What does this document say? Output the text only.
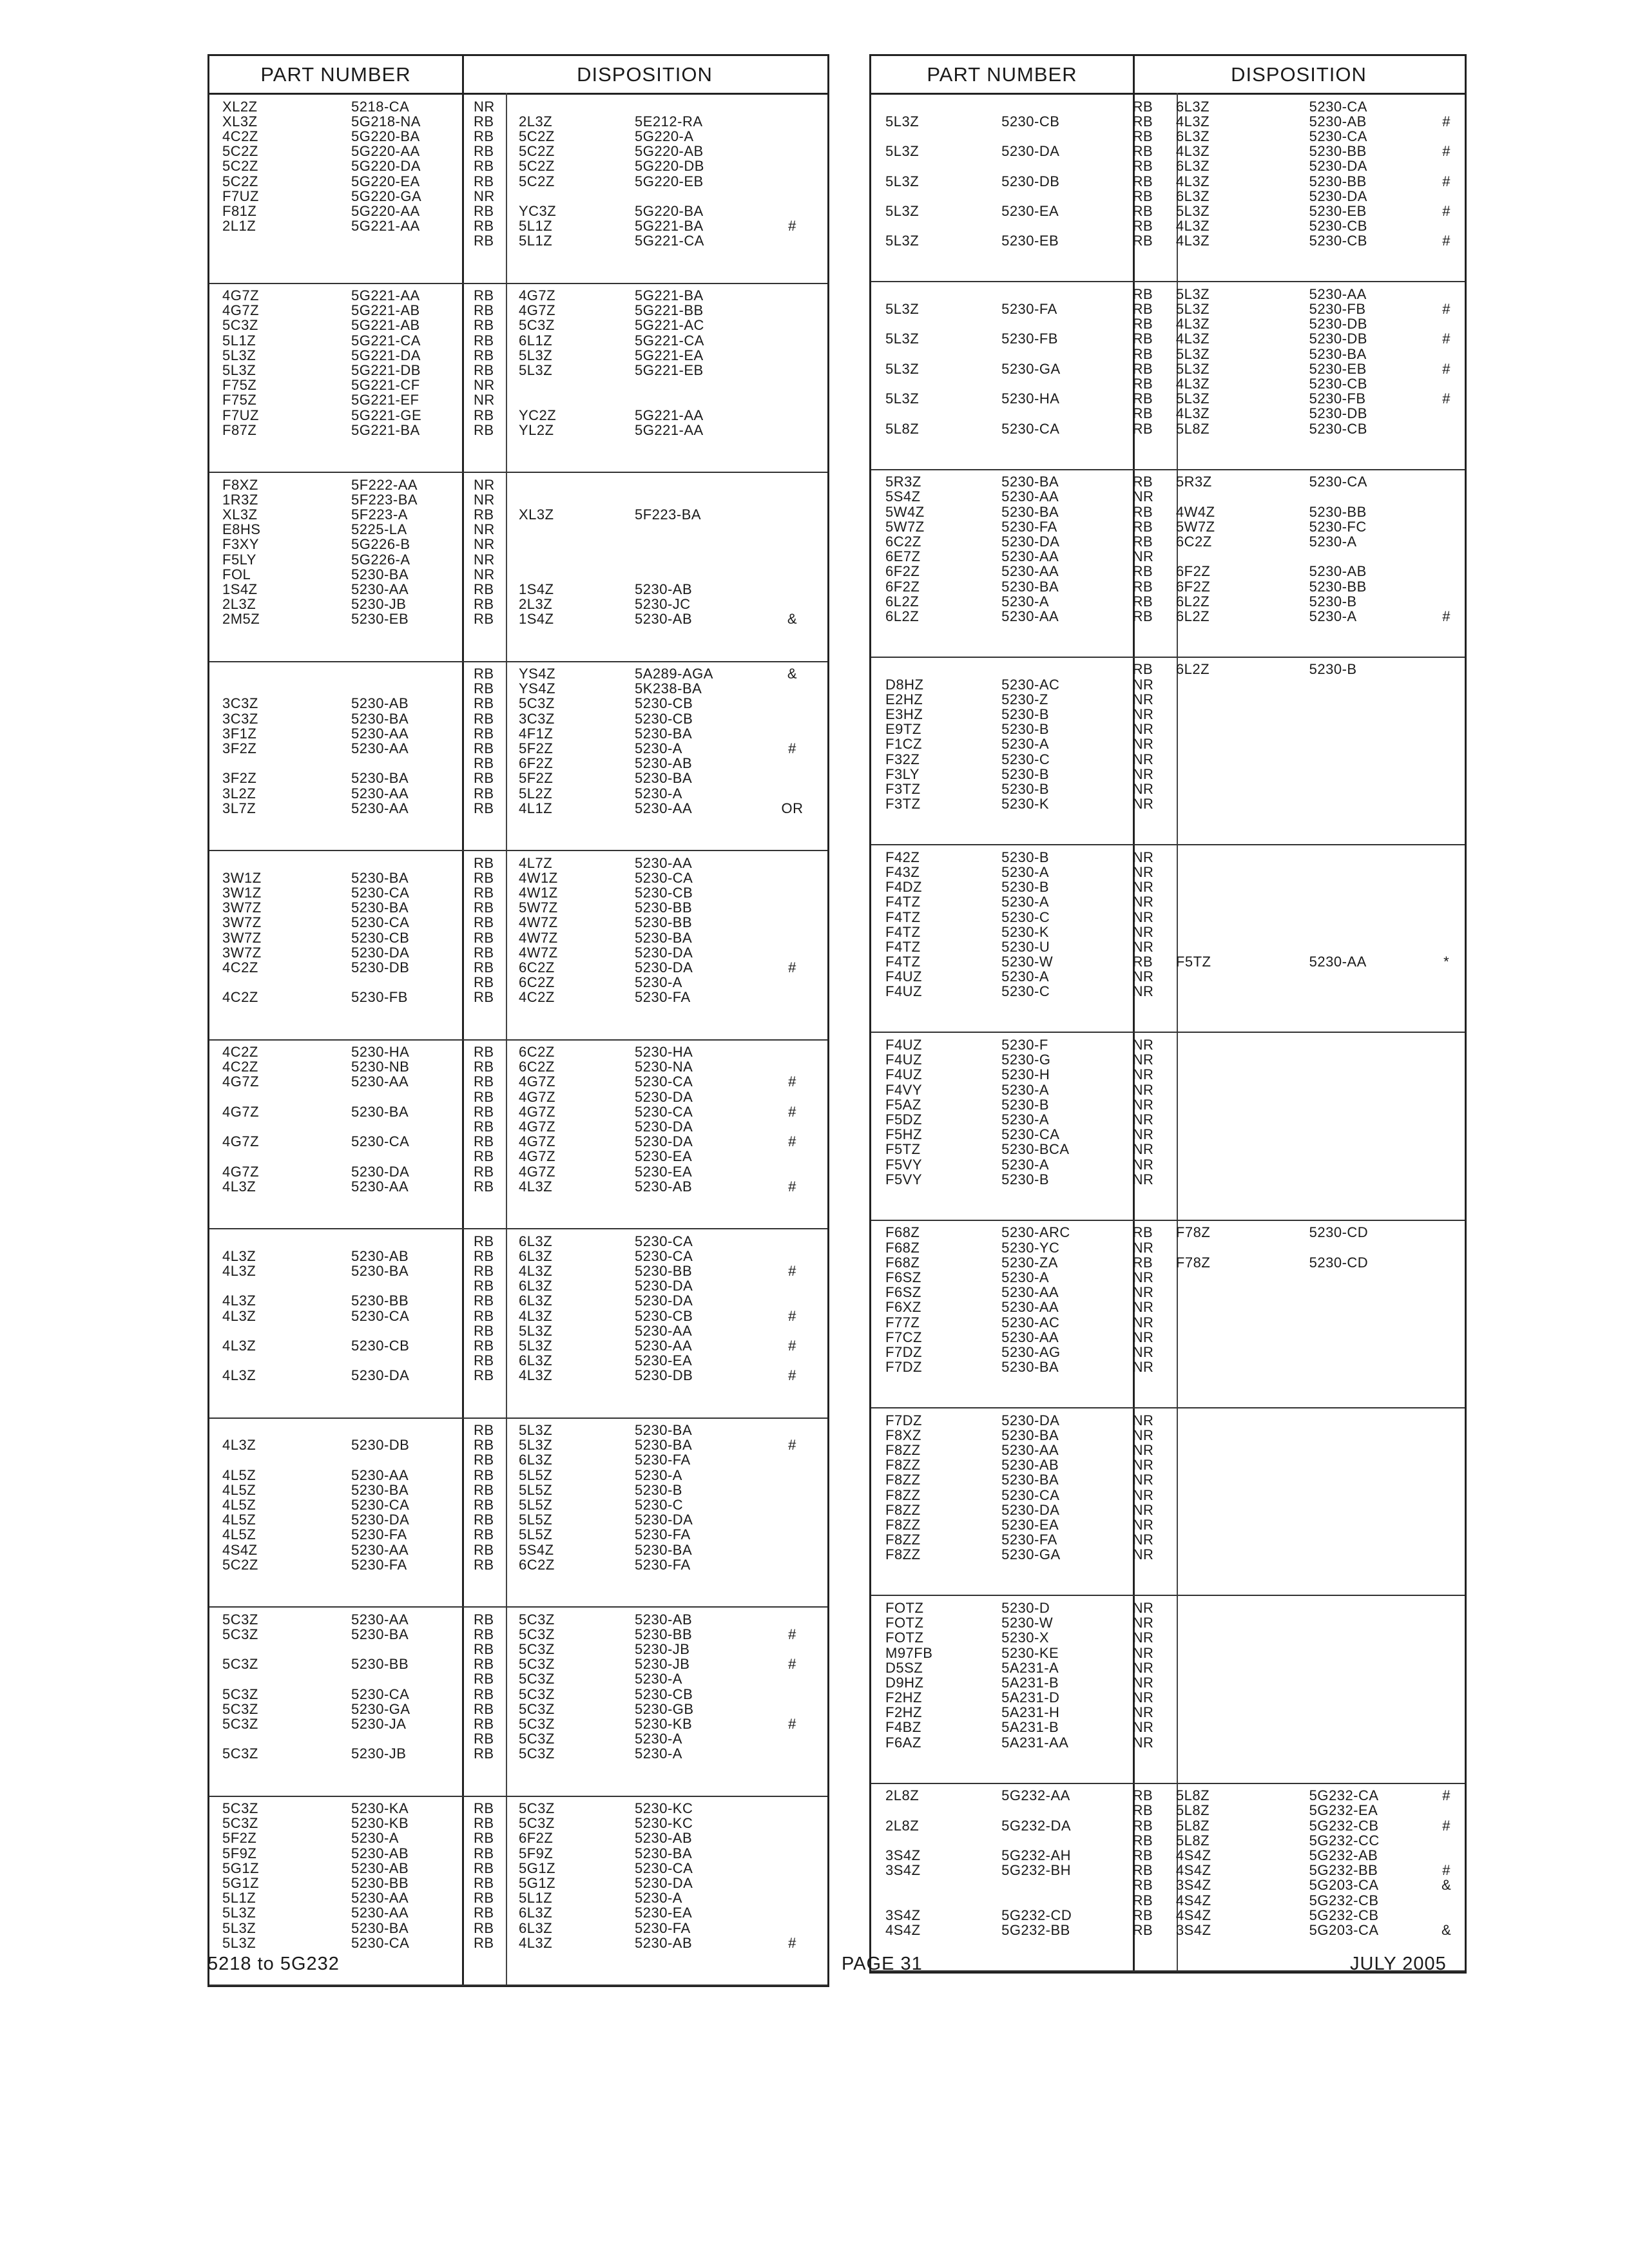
PART NUMBER	DISPOSITION
XL2Z	5218-CA	NR
XL3Z	5G218-NA	RB	2L3Z	5E212-RA
4C2Z	5G220-BA	RB	5C2Z	5G220-A
5C2Z	5G220-AA	RB	5C2Z	5G220-AB
5C2Z	5G220-DA	RB	5C2Z	5G220-DB
5C2Z	5G220-EA	RB	5C2Z	5G220-EB
F7UZ	5G220-GA	NR
F81Z	5G220-AA	RB	YC3Z	5G220-BA
2L1Z	5G221-AA	RB	5L1Z	5G221-BA	#
RB	5L1Z	5G221-CA
4G7Z	5G221-AA	RB	4G7Z	5G221-BA
4G7Z	5G221-AB	RB	4G7Z	5G221-BB
5C3Z	5G221-AB	RB	5C3Z	5G221-AC
5L1Z	5G221-CA	RB	6L1Z	5G221-CA
5L3Z	5G221-DA	RB	5L3Z	5G221-EA
5L3Z	5G221-DB	RB	5L3Z	5G221-EB
F75Z	5G221-CF	NR
F75Z	5G221-EF	NR
F7UZ	5G221-GE	RB	YC2Z	5G221-AA
F87Z	5G221-BA	RB	YL2Z	5G221-AA
F8XZ	5F222-AA	NR
1R3Z	5F223-BA	NR
XL3Z	5F223-A	RB	XL3Z	5F223-BA
E8HS	5225-LA	NR
F3XY	5G226-B	NR
F5LY	5G226-A	NR
FOL	5230-BA	NR
1S4Z	5230-AA	RB	1S4Z	5230-AB
2L3Z	5230-JB	RB	2L3Z	5230-JC
2M5Z	5230-EB	RB	1S4Z	5230-AB	&
RB	YS4Z	5A289-AGA	&
RB	YS4Z	5K238-BA
3C3Z	5230-AB	RB	5C3Z	5230-CB
3C3Z	5230-BA	RB	3C3Z	5230-CB
3F1Z	5230-AA	RB	4F1Z	5230-BA
3F2Z	5230-AA	RB	5F2Z	5230-A	#
RB	6F2Z	5230-AB
3F2Z	5230-BA	RB	5F2Z	5230-BA
3L2Z	5230-AA	RB	5L2Z	5230-A
3L7Z	5230-AA	RB	4L1Z	5230-AA	OR
RB	4L7Z	5230-AA
3W1Z	5230-BA	RB	4W1Z	5230-CA
3W1Z	5230-CA	RB	4W1Z	5230-CB
3W7Z	5230-BA	RB	5W7Z	5230-BB
3W7Z	5230-CA	RB	4W7Z	5230-BB
3W7Z	5230-CB	RB	4W7Z	5230-BA
3W7Z	5230-DA	RB	4W7Z	5230-DA
4C2Z	5230-DB	RB	6C2Z	5230-DA	#
RB	6C2Z	5230-A
4C2Z	5230-FB	RB	4C2Z	5230-FA
4C2Z	5230-HA	RB	6C2Z	5230-HA
4C2Z	5230-NB	RB	6C2Z	5230-NA
4G7Z	5230-AA	RB	4G7Z	5230-CA	#
RB	4G7Z	5230-DA
4G7Z	5230-BA	RB	4G7Z	5230-CA	#
RB	4G7Z	5230-DA
4G7Z	5230-CA	RB	4G7Z	5230-DA	#
RB	4G7Z	5230-EA
4G7Z	5230-DA	RB	4G7Z	5230-EA
4L3Z	5230-AA	RB	4L3Z	5230-AB	#
RB	6L3Z	5230-CA
4L3Z	5230-AB	RB	6L3Z	5230-CA
4L3Z	5230-BA	RB	4L3Z	5230-BB	#
RB	6L3Z	5230-DA
4L3Z	5230-BB	RB	6L3Z	5230-DA
4L3Z	5230-CA	RB	4L3Z	5230-CB	#
RB	5L3Z	5230-AA
4L3Z	5230-CB	RB	5L3Z	5230-AA	#
RB	6L3Z	5230-EA
4L3Z	5230-DA	RB	4L3Z	5230-DB	#
RB	5L3Z	5230-BA
4L3Z	5230-DB	RB	5L3Z	5230-BA	#
RB	6L3Z	5230-FA
4L5Z	5230-AA	RB	5L5Z	5230-A
4L5Z	5230-BA	RB	5L5Z	5230-B
4L5Z	5230-CA	RB	5L5Z	5230-C
4L5Z	5230-DA	RB	5L5Z	5230-DA
4L5Z	5230-FA	RB	5L5Z	5230-FA
4S4Z	5230-AA	RB	5S4Z	5230-BA
5C2Z	5230-FA	RB	6C2Z	5230-FA
5C3Z	5230-AA	RB	5C3Z	5230-AB
5C3Z	5230-BA	RB	5C3Z	5230-BB	#
RB	5C3Z	5230-JB
5C3Z	5230-BB	RB	5C3Z	5230-JB	#
RB	5C3Z	5230-A
5C3Z	5230-CA	RB	5C3Z	5230-CB
5C3Z	5230-GA	RB	5C3Z	5230-GB
5C3Z	5230-JA	RB	5C3Z	5230-KB	#
RB	5C3Z	5230-A
5C3Z	5230-JB	RB	5C3Z	5230-A
5C3Z	5230-KA	RB	5C3Z	5230-KC
5C3Z	5230-KB	RB	5C3Z	5230-KC
5F2Z	5230-A	RB	6F2Z	5230-AB
5F9Z	5230-AB	RB	5F9Z	5230-BA
5G1Z	5230-AB	RB	5G1Z	5230-CA
5G1Z	5230-BB	RB	5G1Z	5230-DA
5L1Z	5230-AA	RB	5L1Z	5230-A
5L3Z	5230-AA	RB	6L3Z	5230-EA
5L3Z	5230-BA	RB	6L3Z	5230-FA
5L3Z	5230-CA	RB	4L3Z	5230-AB	#
PART NUMBER	DISPOSITION
RB	6L3Z	5230-CA
5L3Z	5230-CB	RB	4L3Z	5230-AB	#
RB	6L3Z	5230-CA
5L3Z	5230-DA	RB	4L3Z	5230-BB	#
RB	6L3Z	5230-DA
5L3Z	5230-DB	RB	4L3Z	5230-BB	#
RB	6L3Z	5230-DA
5L3Z	5230-EA	RB	5L3Z	5230-EB	#
RB	4L3Z	5230-CB
5L3Z	5230-EB	RB	4L3Z	5230-CB	#
RB	5L3Z	5230-AA
5L3Z	5230-FA	RB	5L3Z	5230-FB	#
RB	4L3Z	5230-DB
5L3Z	5230-FB	RB	4L3Z	5230-DB	#
RB	5L3Z	5230-BA
5L3Z	5230-GA	RB	5L3Z	5230-EB	#
RB	4L3Z	5230-CB
5L3Z	5230-HA	RB	5L3Z	5230-FB	#
RB	4L3Z	5230-DB
5L8Z	5230-CA	RB	5L8Z	5230-CB
5R3Z	5230-BA	RB	5R3Z	5230-CA
5S4Z	5230-AA	NR
5W4Z	5230-BA	RB	4W4Z	5230-BB
5W7Z	5230-FA	RB	5W7Z	5230-FC
6C2Z	5230-DA	RB	6C2Z	5230-A
6E7Z	5230-AA	NR
6F2Z	5230-AA	RB	6F2Z	5230-AB
6F2Z	5230-BA	RB	6F2Z	5230-BB
6L2Z	5230-A	RB	6L2Z	5230-B
6L2Z	5230-AA	RB	6L2Z	5230-A	#
RB	6L2Z	5230-B
D8HZ	5230-AC	NR
E2HZ	5230-Z	NR
E3HZ	5230-B	NR
E9TZ	5230-B	NR
F1CZ	5230-A	NR
F32Z	5230-C	NR
F3LY	5230-B	NR
F3TZ	5230-B	NR
F3TZ	5230-K	NR
F42Z	5230-B	NR
F43Z	5230-A	NR
F4DZ	5230-B	NR
F4TZ	5230-A	NR
F4TZ	5230-C	NR
F4TZ	5230-K	NR
F4TZ	5230-U	NR
F4TZ	5230-W	RB	F5TZ	5230-AA	*
F4UZ	5230-A	NR
F4UZ	5230-C	NR
F4UZ	5230-F	NR
F4UZ	5230-G	NR
F4UZ	5230-H	NR
F4VY	5230-A	NR
F5AZ	5230-B	NR
F5DZ	5230-A	NR
F5HZ	5230-CA	NR
F5TZ	5230-BCA	NR
F5VY	5230-A	NR
F5VY	5230-B	NR
F68Z	5230-ARC	RB	F78Z	5230-CD
F68Z	5230-YC	NR
F68Z	5230-ZA	RB	F78Z	5230-CD
F6SZ	5230-A	NR
F6SZ	5230-AA	NR
F6XZ	5230-AA	NR
F77Z	5230-AC	NR
F7CZ	5230-AA	NR
F7DZ	5230-AG	NR
F7DZ	5230-BA	NR
F7DZ	5230-DA	NR
F8XZ	5230-BA	NR
F8ZZ	5230-AA	NR
F8ZZ	5230-AB	NR
F8ZZ	5230-BA	NR
F8ZZ	5230-CA	NR
F8ZZ	5230-DA	NR
F8ZZ	5230-EA	NR
F8ZZ	5230-FA	NR
F8ZZ	5230-GA	NR
FOTZ	5230-D	NR
FOTZ	5230-W	NR
FOTZ	5230-X	NR
M97FB	5230-KE	NR
D5SZ	5A231-A	NR
D9HZ	5A231-B	NR
F2HZ	5A231-D	NR
F2HZ	5A231-H	NR
F4BZ	5A231-B	NR
F6AZ	5A231-AA	NR
2L8Z	5G232-AA	RB	5L8Z	5G232-CA	#
RB	5L8Z	5G232-EA
2L8Z	5G232-DA	RB	5L8Z	5G232-CB	#
RB	5L8Z	5G232-CC
3S4Z	5G232-AH	RB	4S4Z	5G232-AB
3S4Z	5G232-BH	RB	4S4Z	5G232-BB	#
RB	3S4Z	5G203-CA	&
RB	4S4Z	5G232-CB
3S4Z	5G232-CD	RB	4S4Z	5G232-CB
4S4Z	5G232-BB	RB	3S4Z	5G203-CA	&
5218 to 5G232	PAGE 31	JULY 2005
